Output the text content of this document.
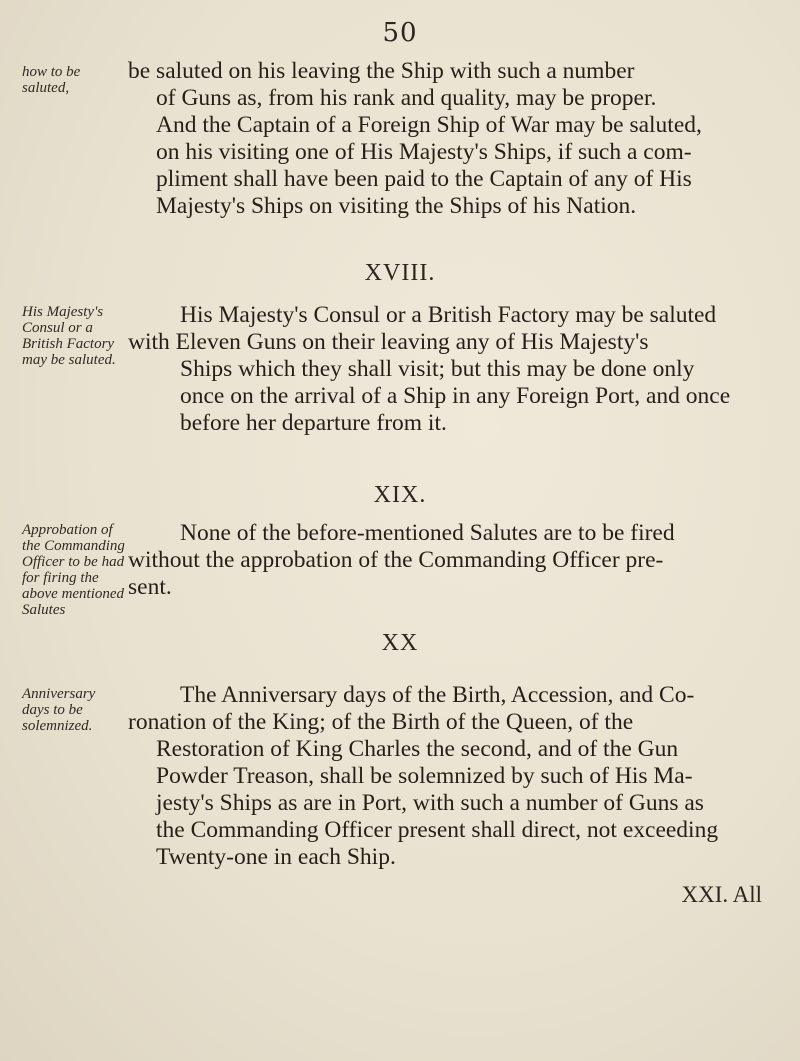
50
how to be saluted,
be saluted on his leaving the Ship with such a number
of Guns as, from his rank and quality, may be proper.
And the Captain of a Foreign Ship of War may be saluted,
on his visiting one of His Majesty's Ships, if such a com-
pliment shall have been paid to the Captain of any of His
Majesty's Ships on visiting the Ships of his Nation.
XVIII.
His Majesty's Consul or a British Factory may be saluted.
His Majesty's Consul or a British Factory may be saluted
with Eleven Guns on their leaving any of His Majesty's
Ships which they shall visit; but this may be done only
once on the arrival of a Ship in any Foreign Port, and once
before her departure from it.
XIX.
Approbation of the Commanding Officer to be had for firing the above mentioned Salutes
None of the before-mentioned Salutes are to be fired
without the approbation of the Commanding Officer pre-
sent.
XX
Anniversary days to be solemnized.
The Anniversary days of the Birth, Accession, and Co-
ronation of the King; of the Birth of the Queen, of the
Restoration of King Charles the second, and of the Gun
Powder Treason, shall be solemnized by such of His Ma-
jesty's Ships as are in Port, with such a number of Guns as
the Commanding Officer present shall direct, not exceeding
Twenty-one in each Ship.
XXI. All
